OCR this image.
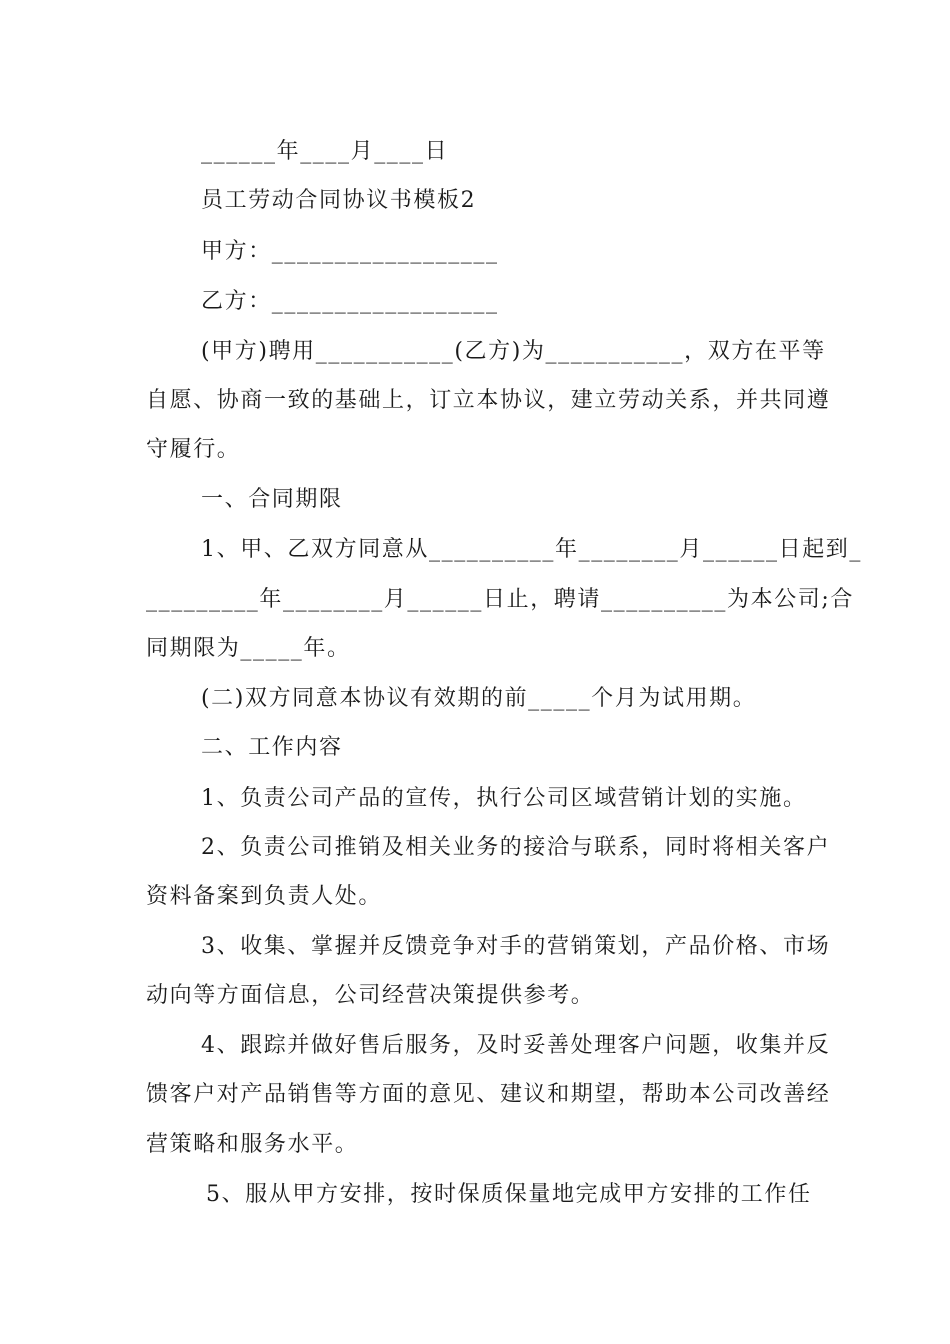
______年____月____日
员工劳动合同协议书模板2
甲方：__________________
乙方：__________________
(甲方)聘用___________(乙方)为___________，双方在平等
自愿、协商一致的基础上，订立本协议，建立劳动关系，并共同遵
守履行。
一、合同期限
1、甲、乙双方同意从__________年________月______日起到_
_________年________月______日止，聘请__________为本公司;合
同期限为_____年。
(二)双方同意本协议有效期的前_____个月为试用期。
二、工作内容
1、负责公司产品的宣传，执行公司区域营销计划的实施。
2、负责公司推销及相关业务的接洽与联系，同时将相关客户
资料备案到负责人处。
3、收集、掌握并反馈竞争对手的营销策划，产品价格、市场
动向等方面信息，公司经营决策提供参考。
4、跟踪并做好售后服务，及时妥善处理客户问题，收集并反
馈客户对产品销售等方面的意见、建议和期望，帮助本公司改善经
营策略和服务水平。
5、服从甲方安排，按时保质保量地完成甲方安排的工作任
